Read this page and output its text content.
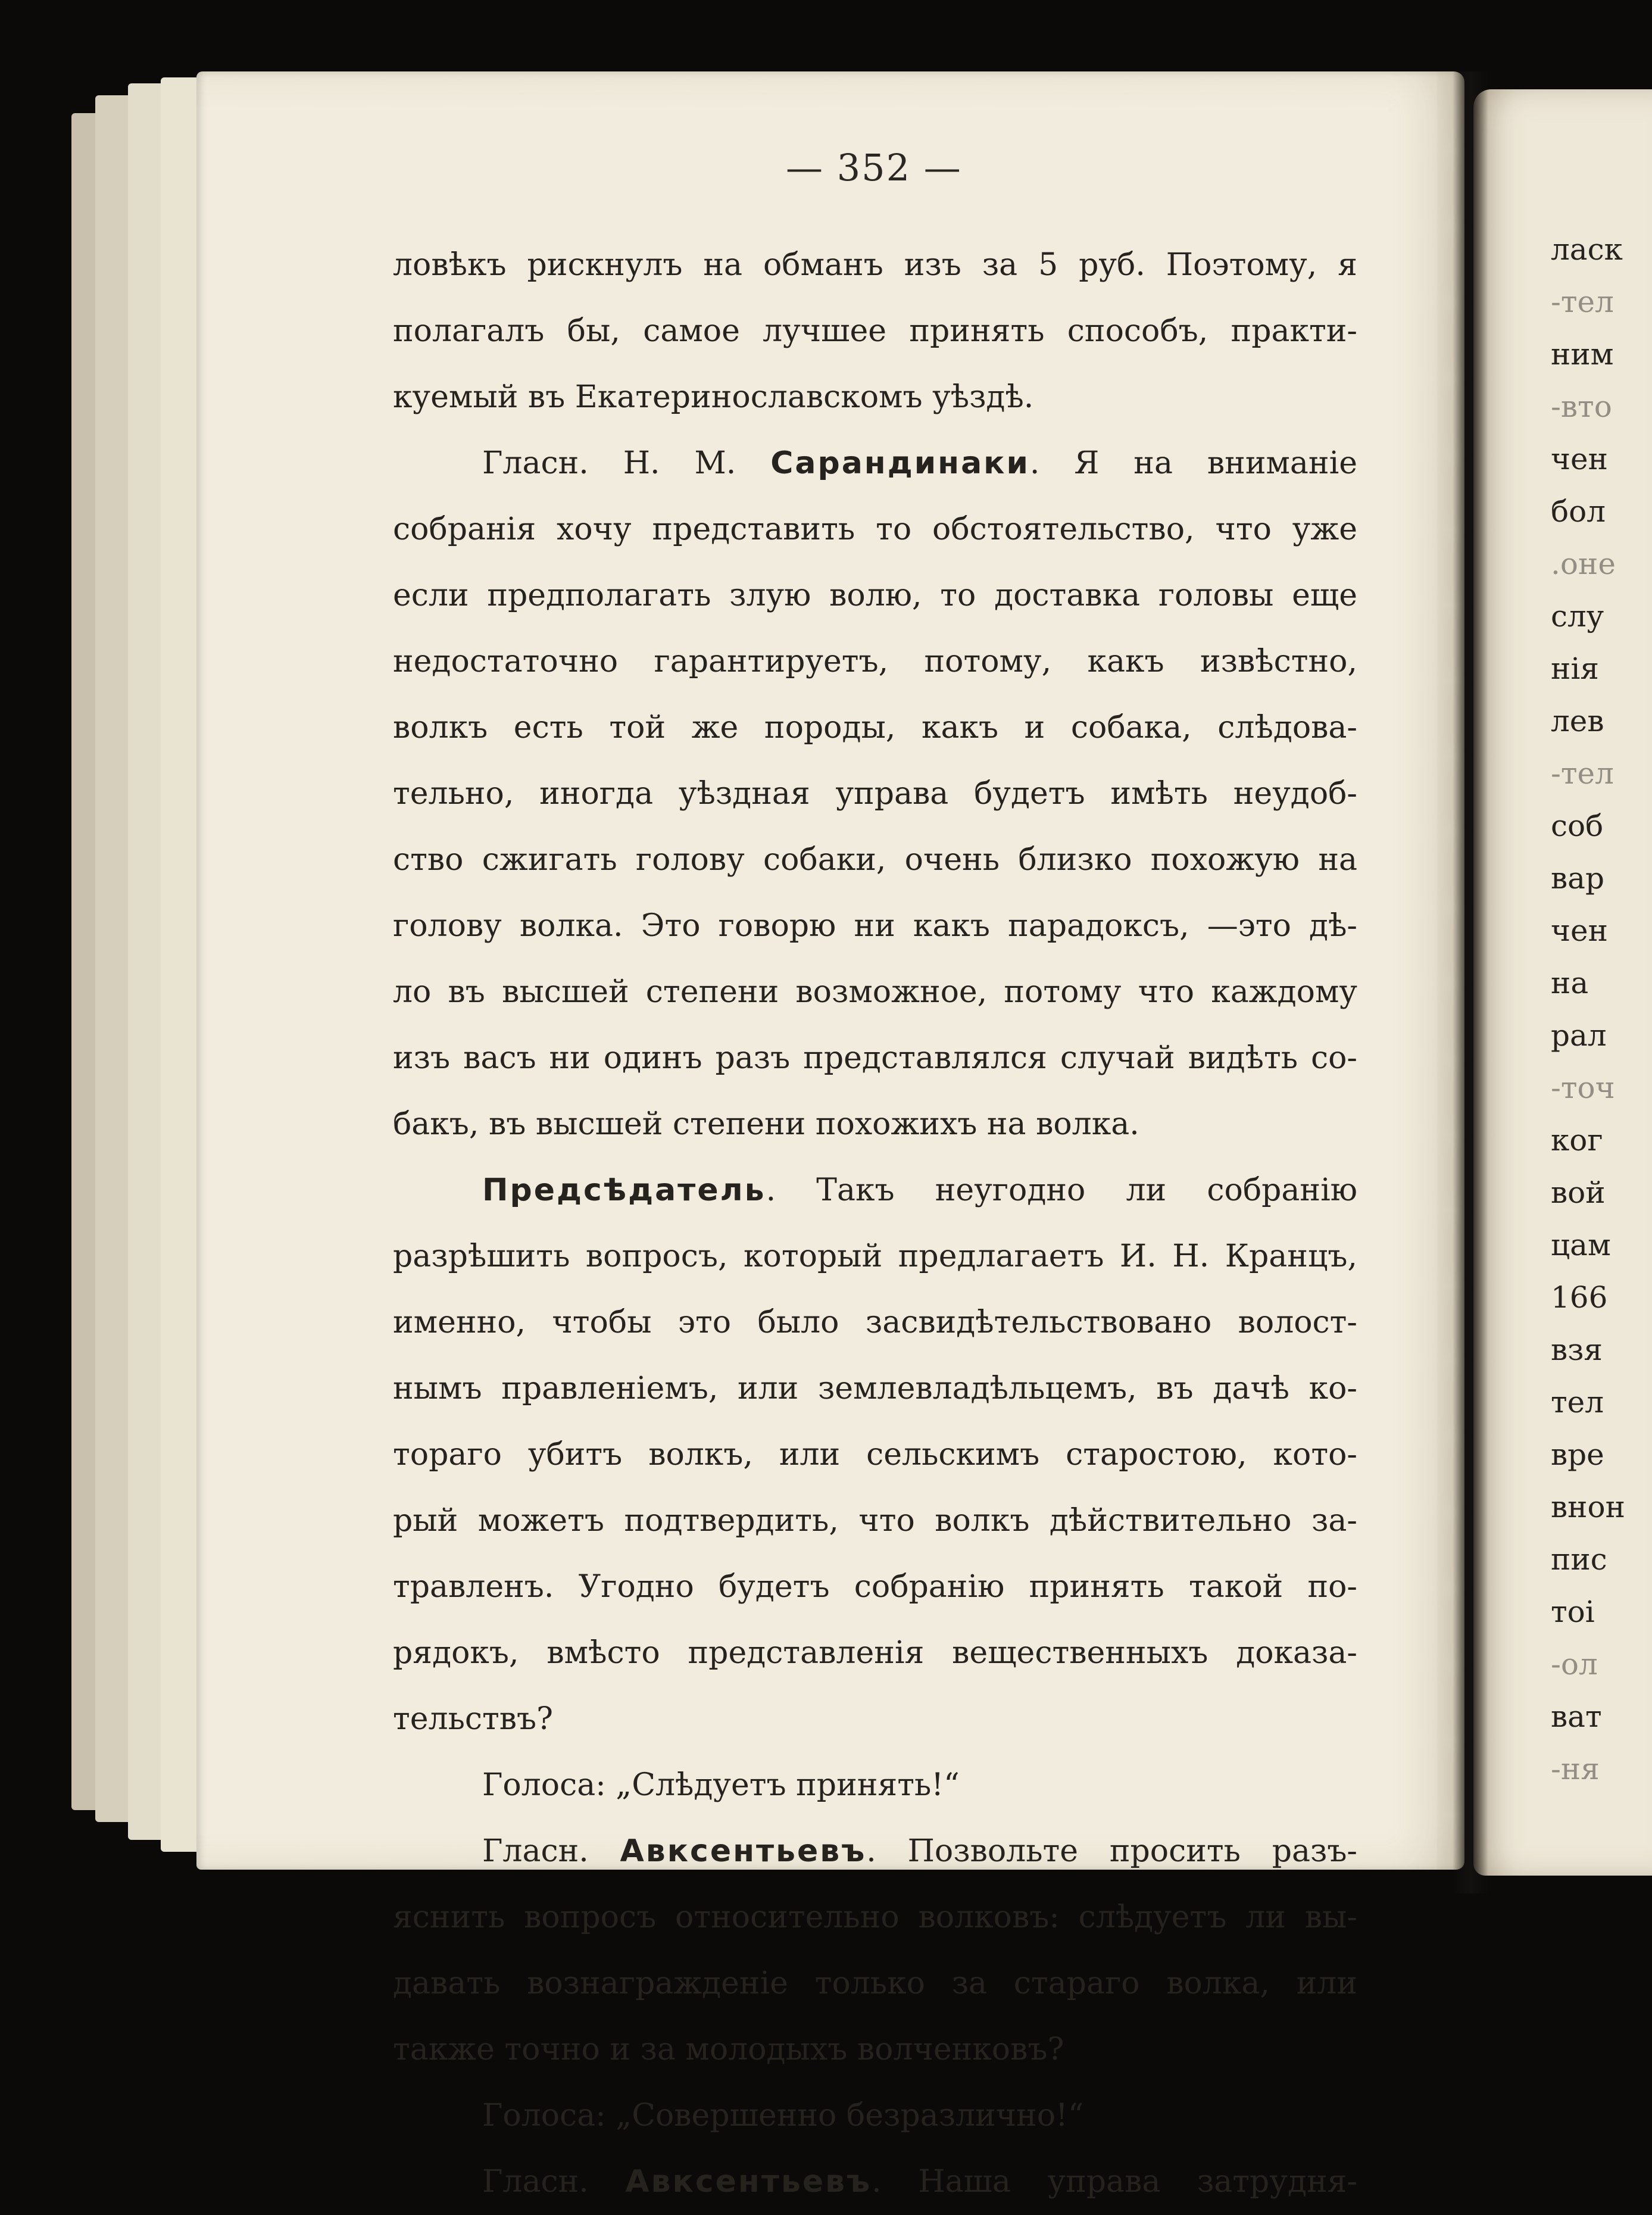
— 352 —
ловѣкъ рискнулъ на обманъ изъ за 5 руб. Поэтому, я
полагалъ бы, самое лучшее принять способъ, практи-
куемый въ Екатеринославскомъ уѣздѣ.
Гласн. Н. М. Сарандинаки. Я на вниманіе
собранія хочу представить то обстоятельство, что уже
если предполагать злую волю, то доставка головы еще
недостаточно гарантируетъ, потому, какъ извѣстно,
волкъ есть той же породы, какъ и собака, слѣдова-
тельно, иногда уѣздная управа будетъ имѣть неудоб-
ство сжигать голову собаки, очень близко похожую на
голову волка. Это говорю ни какъ парадоксъ, —это дѣ-
ло въ высшей степени возможное, потому что каждому
изъ васъ ни одинъ разъ представлялся случай видѣть со-
бакъ, въ высшей степени похожихъ на волка.
Предсѣдатель. Такъ неугодно ли собранію
разрѣшить вопросъ, который предлагаетъ И. Н. Кранцъ,
именно, чтобы это было засвидѣтельствовано волост-
нымъ правленіемъ, или землевладѣльцемъ, въ дачѣ ко-
тораго убитъ волкъ, или сельскимъ старостою, кото-
рый можетъ подтвердить, что волкъ дѣйствительно за-
травленъ. Угодно будетъ собранію принять такой по-
рядокъ, вмѣсто представленія вещественныхъ доказа-
тельствъ?
Голоса: „Слѣдуетъ принять!“
Гласн. Авксентьевъ. Позвольте просить разъ-
яснить вопросъ относительно волковъ: слѣдуетъ ли вы-
давать вознагражденіе только за стараго волка, или
также точно и за молодыхъ волченковъ?
Голоса: „Совершенно безразлично!“
Гласн. Авксентьевъ. Наша управа затрудня-
ласк
-тел
ним
-вто
чен
бол
.оне
слу
нія
лев
-тел
соб
вар
чен
на
рал
-точ
ког
вой
цам
166
взя
тел
вре
внон
пис
тоі
-ол
ват
-ня
